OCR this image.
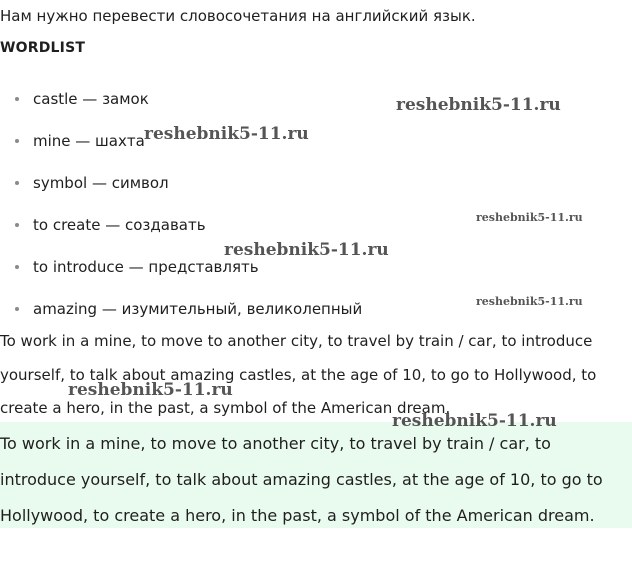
Нам нужно перевести словосочетания на английский язык.
WORDLIST
castle — замок
mine — шахта
symbol — символ
to create — создавать
to introduce — представлять
amazing — изумительный, великолепный

To work in a mine, to move to another city, to travel by train / car, to introduce yourself, to talk about amazing castles, at the age of 10, to go to Hollywood, to create a hero, in the past, a symbol of the American dream.

To work in a mine, to move to another city, to travel by train / car, to introduce yourself, to talk about amazing castles, at the age of 10, to go to Hollywood, to create a hero, in the past, a symbol of the American dream.

reshebnik5-11.ru
reshebnik5-11.ru
reshebnik5-11.ru
reshebnik5-11.ru
reshebnik5-11.ru
reshebnik5-11.ru
reshebnik5-11.ru
